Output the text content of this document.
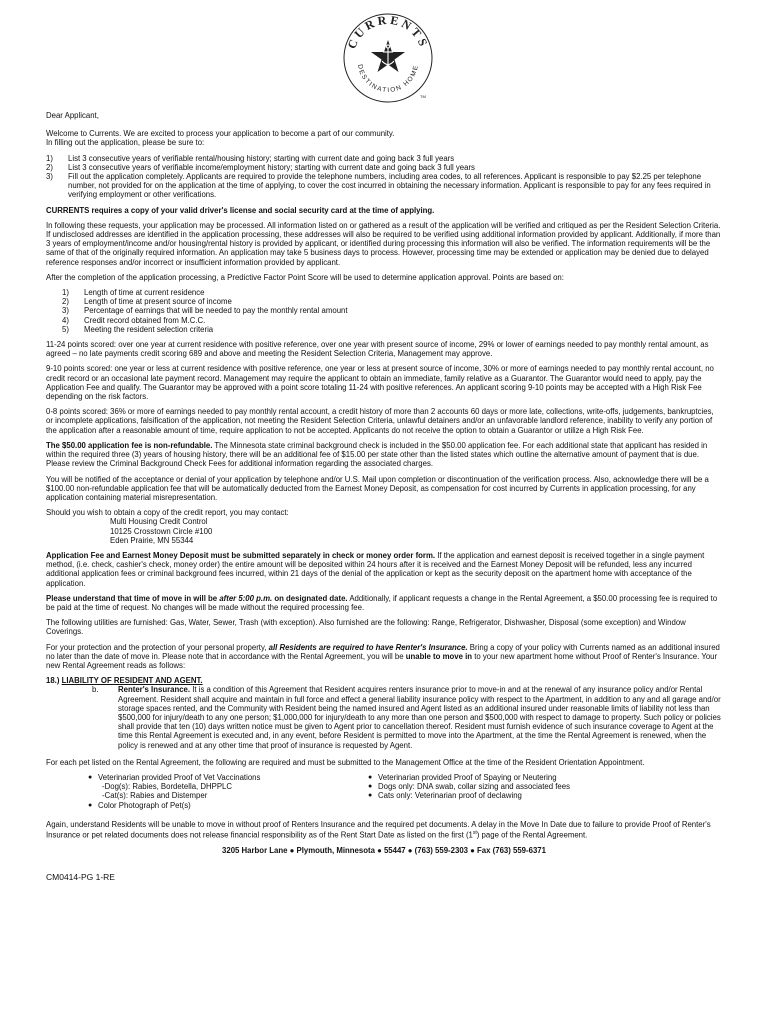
CURRENTS
DESTINATION HOME
TM

Dear Applicant,

Welcome to Currents. We are excited to process your application to become a part of our community.

In filling out the application, please be sure to:

1)	List 3 consecutive years of verifiable rental/housing history; starting with current date and going back 3 full years
2)	List 3 consecutive years of verifiable income/employment history; starting with current date and going back 3 full years
3)	Fill out the application completely. Applicants are required to provide the telephone numbers, including area codes, to all references. Applicant is responsible to pay $2.25 per telephone number, not provided for on the application at the time of applying, to cover the cost incurred in obtaining the necessary information. Applicant is responsible to pay for any fees required in verifying employment or other verifications.

CURRENTS requires a copy of your valid driver's license and social security card at the time of applying.

In following these requests, your application may be processed. All information listed on or gathered as a result of the application will be verified and critiqued as per the Resident Selection Criteria. If undisclosed addresses are identified in the application processing, these addresses will also be required to be verified using additional information provided by applicant. Additionally, if more than 3 years of employment/income and/or housing/rental history is provided by applicant, or identified during processing this information will also be verified. The information requirements will be the same of that of the originally required information. An application may take 5 business days to process. However, processing time may be extended or application may be denied due to delayed reference responses and/or incorrect or insufficient information provided by applicant.

After the completion of the application processing, a Predictive Factor Point Score will be used to determine application approval. Points are based on:

1)	Length of time at current residence
2)	Length of time at present source of income
3)	Percentage of earnings that will be needed to pay the monthly rental amount
4)	Credit record obtained from M.C.C.
5)	Meeting the resident selection criteria

11-24 points scored: over one year at current residence with positive reference, over one year with present source of income, 29% or lower of earnings needed to pay monthly rental amount, as agreed – no late payments credit scoring 689 and above and meeting the Resident Selection Criteria, Management may approve.

9-10 points scored: one year or less at current residence with positive reference, one year or less at present source of income, 30% or more of earnings needed to pay monthly rental account, no credit record or an occasional late payment record. Management may require the applicant to obtain an immediate, family relative as a Guarantor. The Guarantor would need to apply, pay the Application Fee and qualify. The Guarantor may be approved with a point score totaling 11-24 with positive references. An applicant scoring 9-10 points may be accepted with a High Risk Fee depending on the risk factors.

0-8 points scored: 36% or more of earnings needed to pay monthly rental account, a credit history of more than 2 accounts 60 days or more late, collections, write-offs, judgements, bankruptcies, or incomplete applications, falsification of the application, not meeting the Resident Selection Criteria, unlawful detainers and/or an unfavorable landlord reference, inability to verify any portion of the application after a reasonable amount of time, require application to not be accepted. Applicants do not receive the option to obtain a Guarantor or utilize a High Risk Fee.

The $50.00 application fee is non-refundable. The Minnesota state criminal background check is included in the $50.00 application fee. For each additional state that applicant has resided in within the required three (3) years of housing history, there will be an additional fee of $15.00 per state other than the listed states which outline the alternative amount of payment that is due. Please review the Criminal Background Check Fees for additional information regarding the associated charges.

You will be notified of the acceptance or denial of your application by telephone and/or U.S. Mail upon completion or discontinuation of the verification process. Also, acknowledge there will be a $100.00 non-refundable application fee that will be automatically deducted from the Earnest Money Deposit, as compensation for cost incurred by Currents in application processing, for any application containing material misrepresentation.

Should you wish to obtain a copy of the credit report, you may contact:
Multi Housing Credit Control
10125 Crosstown Circle #100
Eden Prairie, MN 55344

Application Fee and Earnest Money Deposit must be submitted separately in check or money order form. If the application and earnest deposit is received together in a single payment method, (i.e. check, cashier's check, money order) the entire amount will be deposited within 24 hours after it is received and the Earnest Money Deposit will be refunded, less any incurred additional application fees or criminal background fees incurred, within 21 days of the denial of the application or kept as the security deposit on the apartment home with acceptance of the application.

Please understand that time of move in will be after 5:00 p.m. on designated date. Additionally, if applicant requests a change in the Rental Agreement, a $50.00 processing fee is required to be paid at the time of request. No changes will be made without the required processing fee.

The following utilities are furnished: Gas, Water, Sewer, Trash (with exception). Also furnished are the following: Range, Refrigerator, Dishwasher, Disposal (some exception) and Window Coverings.

For your protection and the protection of your personal property, all Residents are required to have Renter's Insurance. Bring a copy of your policy with Currents named as an additional insured no later than the date of move in. Please note that in accordance with the Rental Agreement, you will be unable to move in to your new apartment home without Proof of Renter's Insurance. Your new Rental Agreement reads as follows:

18.) LIABILITY OF RESIDENT AND AGENT.
b.	Renter's Insurance. It is a condition of this Agreement that Resident acquires renters insurance prior to move-in and at the renewal of any insurance policy and/or Rental Agreement. Resident shall acquire and maintain in full force and effect a general liability insurance policy with respect to the Apartment, in addition to any and all garage and/or storage spaces rented, and the Community with Resident being the named insured and Agent listed as an additional insured under reasonable limits of liability not less than $500,000 for injury/death to any one person; $1,000,000 for injury/death to any more than one person and $500,000 with respect to damage to property. Such policy or policies shall provide that ten (10) days written notice must be given to Agent prior to cancellation thereof. Resident must furnish evidence of such insurance coverage to Agent at the time this Rental Agreement is executed and, in any event, before Resident is permitted to move into the Apartment, at the time the Rental Agreement is renewed, when the policy is renewed and at any other time that proof of insurance is requested by Agent.

For each pet listed on the Rental Agreement, the following are required and must be submitted to the Management Office at the time of the Resident Orientation Appointment.

● Veterinarian provided Proof of Vet Vaccinations
-Dog(s): Rabies, Bordetella, DHPPLC
-Cat(s): Rabies and Distemper
● Color Photograph of Pet(s)
● Veterinarian provided Proof of Spaying or Neutering
● Dogs only: DNA swab, collar sizing and associated fees
● Cats only: Veterinarian proof of declawing

Again, understand Residents will be unable to move in without proof of Renters Insurance and the required pet documents. A delay in the Move In Date due to failure to provide Proof of Renter's Insurance or pet related documents does not release financial responsibility as of the Rent Start Date as listed on the first (1st) page of the Rental Agreement.

3205 Harbor Lane ● Plymouth, Minnesota ● 55447 ● (763) 559-2303 ● Fax (763) 559-6371
CM0414-PG 1-RE
